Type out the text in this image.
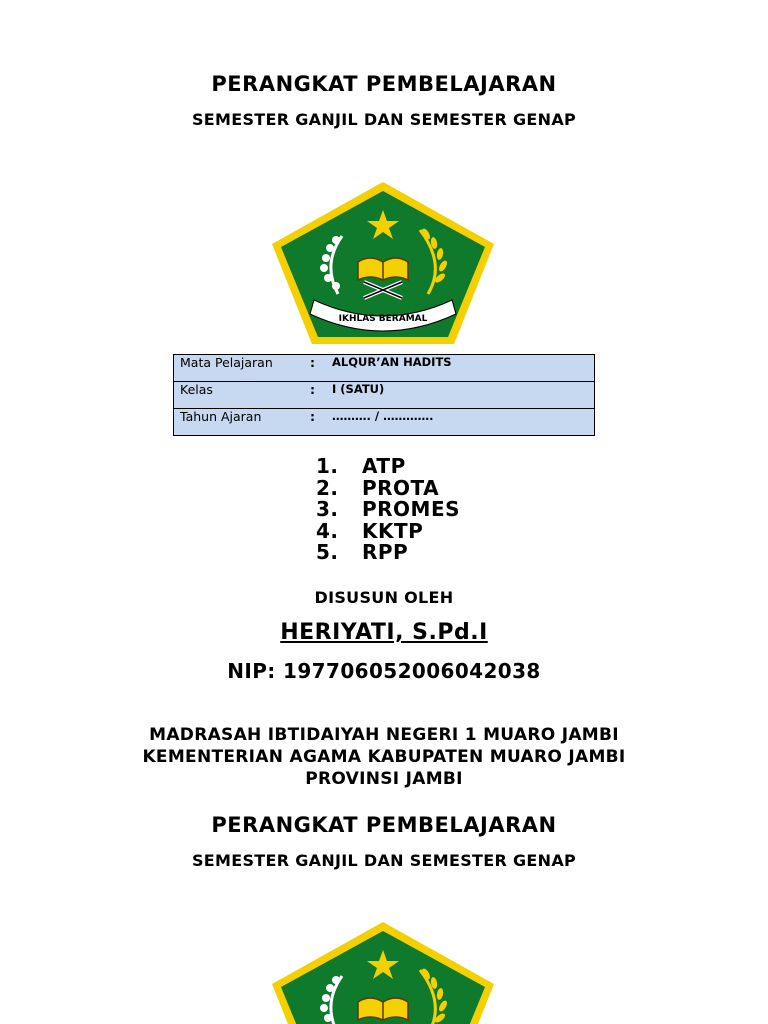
PERANGKAT PEMBELAJARAN
SEMESTER GANJIL DAN SEMESTER GENAP
IKHLAS BERAMAL
Mata Pelajaran	: ALQUR’AN HADITS
Kelas	: I (SATU)
Tahun Ajaran	: ………. / ………….
1. ATP
2. PROTA
3. PROMES
4. KKTP
5. RPP
DISUSUN OLEH
HERIYATI, S.Pd.I
NIP: 197706052006042038
MADRASAH IBTIDAIYAH NEGERI 1 MUARO JAMBI
KEMENTERIAN AGAMA KABUPATEN MUARO JAMBI
PROVINSI JAMBI
PERANGKAT PEMBELAJARAN
SEMESTER GANJIL DAN SEMESTER GENAP
